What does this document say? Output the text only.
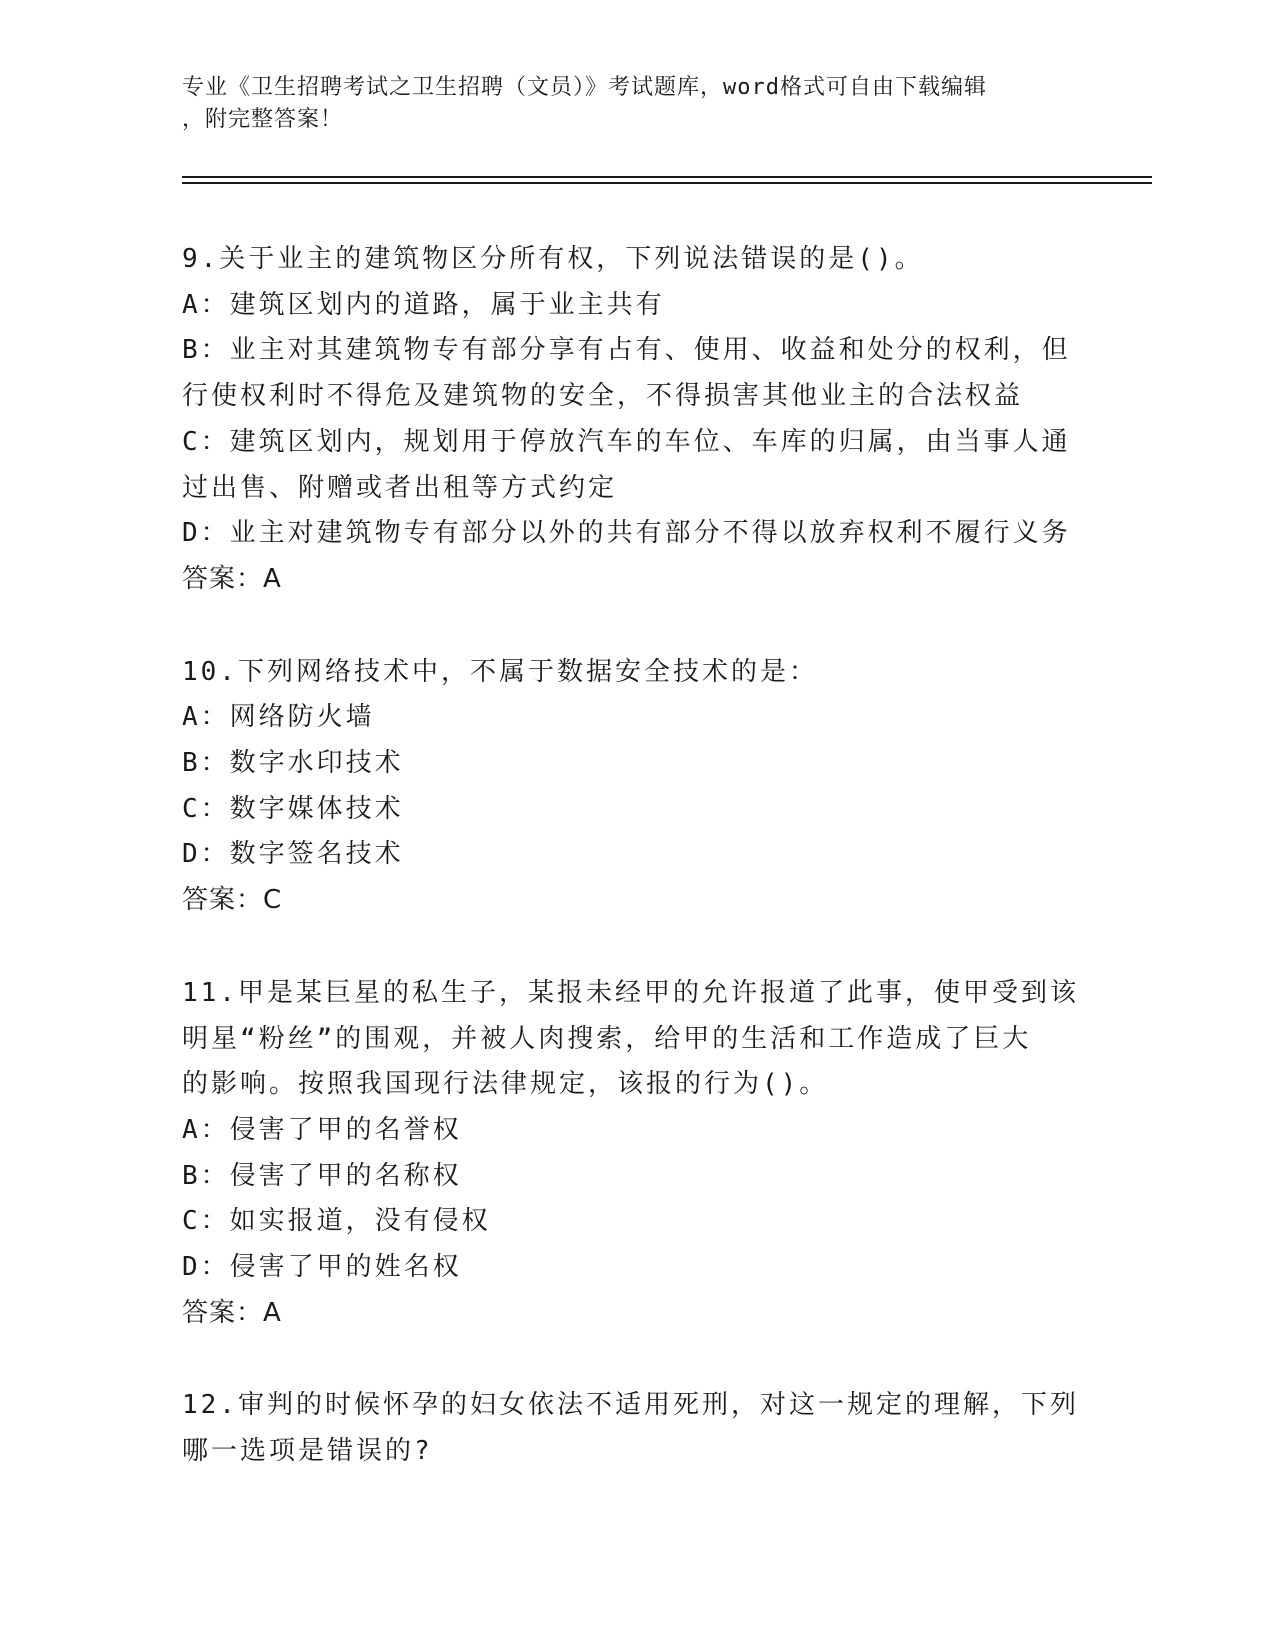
专业《卫生招聘考试之卫生招聘（文员）》考试题库，word格式可自由下载编辑
，附完整答案！
9.关于业主的建筑物区分所有权，下列说法错误的是()。
A：建筑区划内的道路，属于业主共有
B：业主对其建筑物专有部分享有占有、使用、收益和处分的权利，但
行使权利时不得危及建筑物的安全，不得损害其他业主的合法权益
C：建筑区划内，规划用于停放汽车的车位、车库的归属，由当事人通
过出售、附赠或者出租等方式约定
D：业主对建筑物专有部分以外的共有部分不得以放弃权利不履行义务
答案：A
10.下列网络技术中，不属于数据安全技术的是：
A：网络防火墙
B：数字水印技术
C：数字媒体技术
D：数字签名技术
答案：C
11.甲是某巨星的私生子，某报未经甲的允许报道了此事，使甲受到该
明星“粉丝”的围观，并被人肉搜索，给甲的生活和工作造成了巨大
的影响。按照我国现行法律规定，该报的行为()。
A：侵害了甲的名誉权
B：侵害了甲的名称权
C：如实报道，没有侵权
D：侵害了甲的姓名权
答案：A
12.审判的时候怀孕的妇女依法不适用死刑，对这一规定的理解，下列
哪一选项是错误的?
